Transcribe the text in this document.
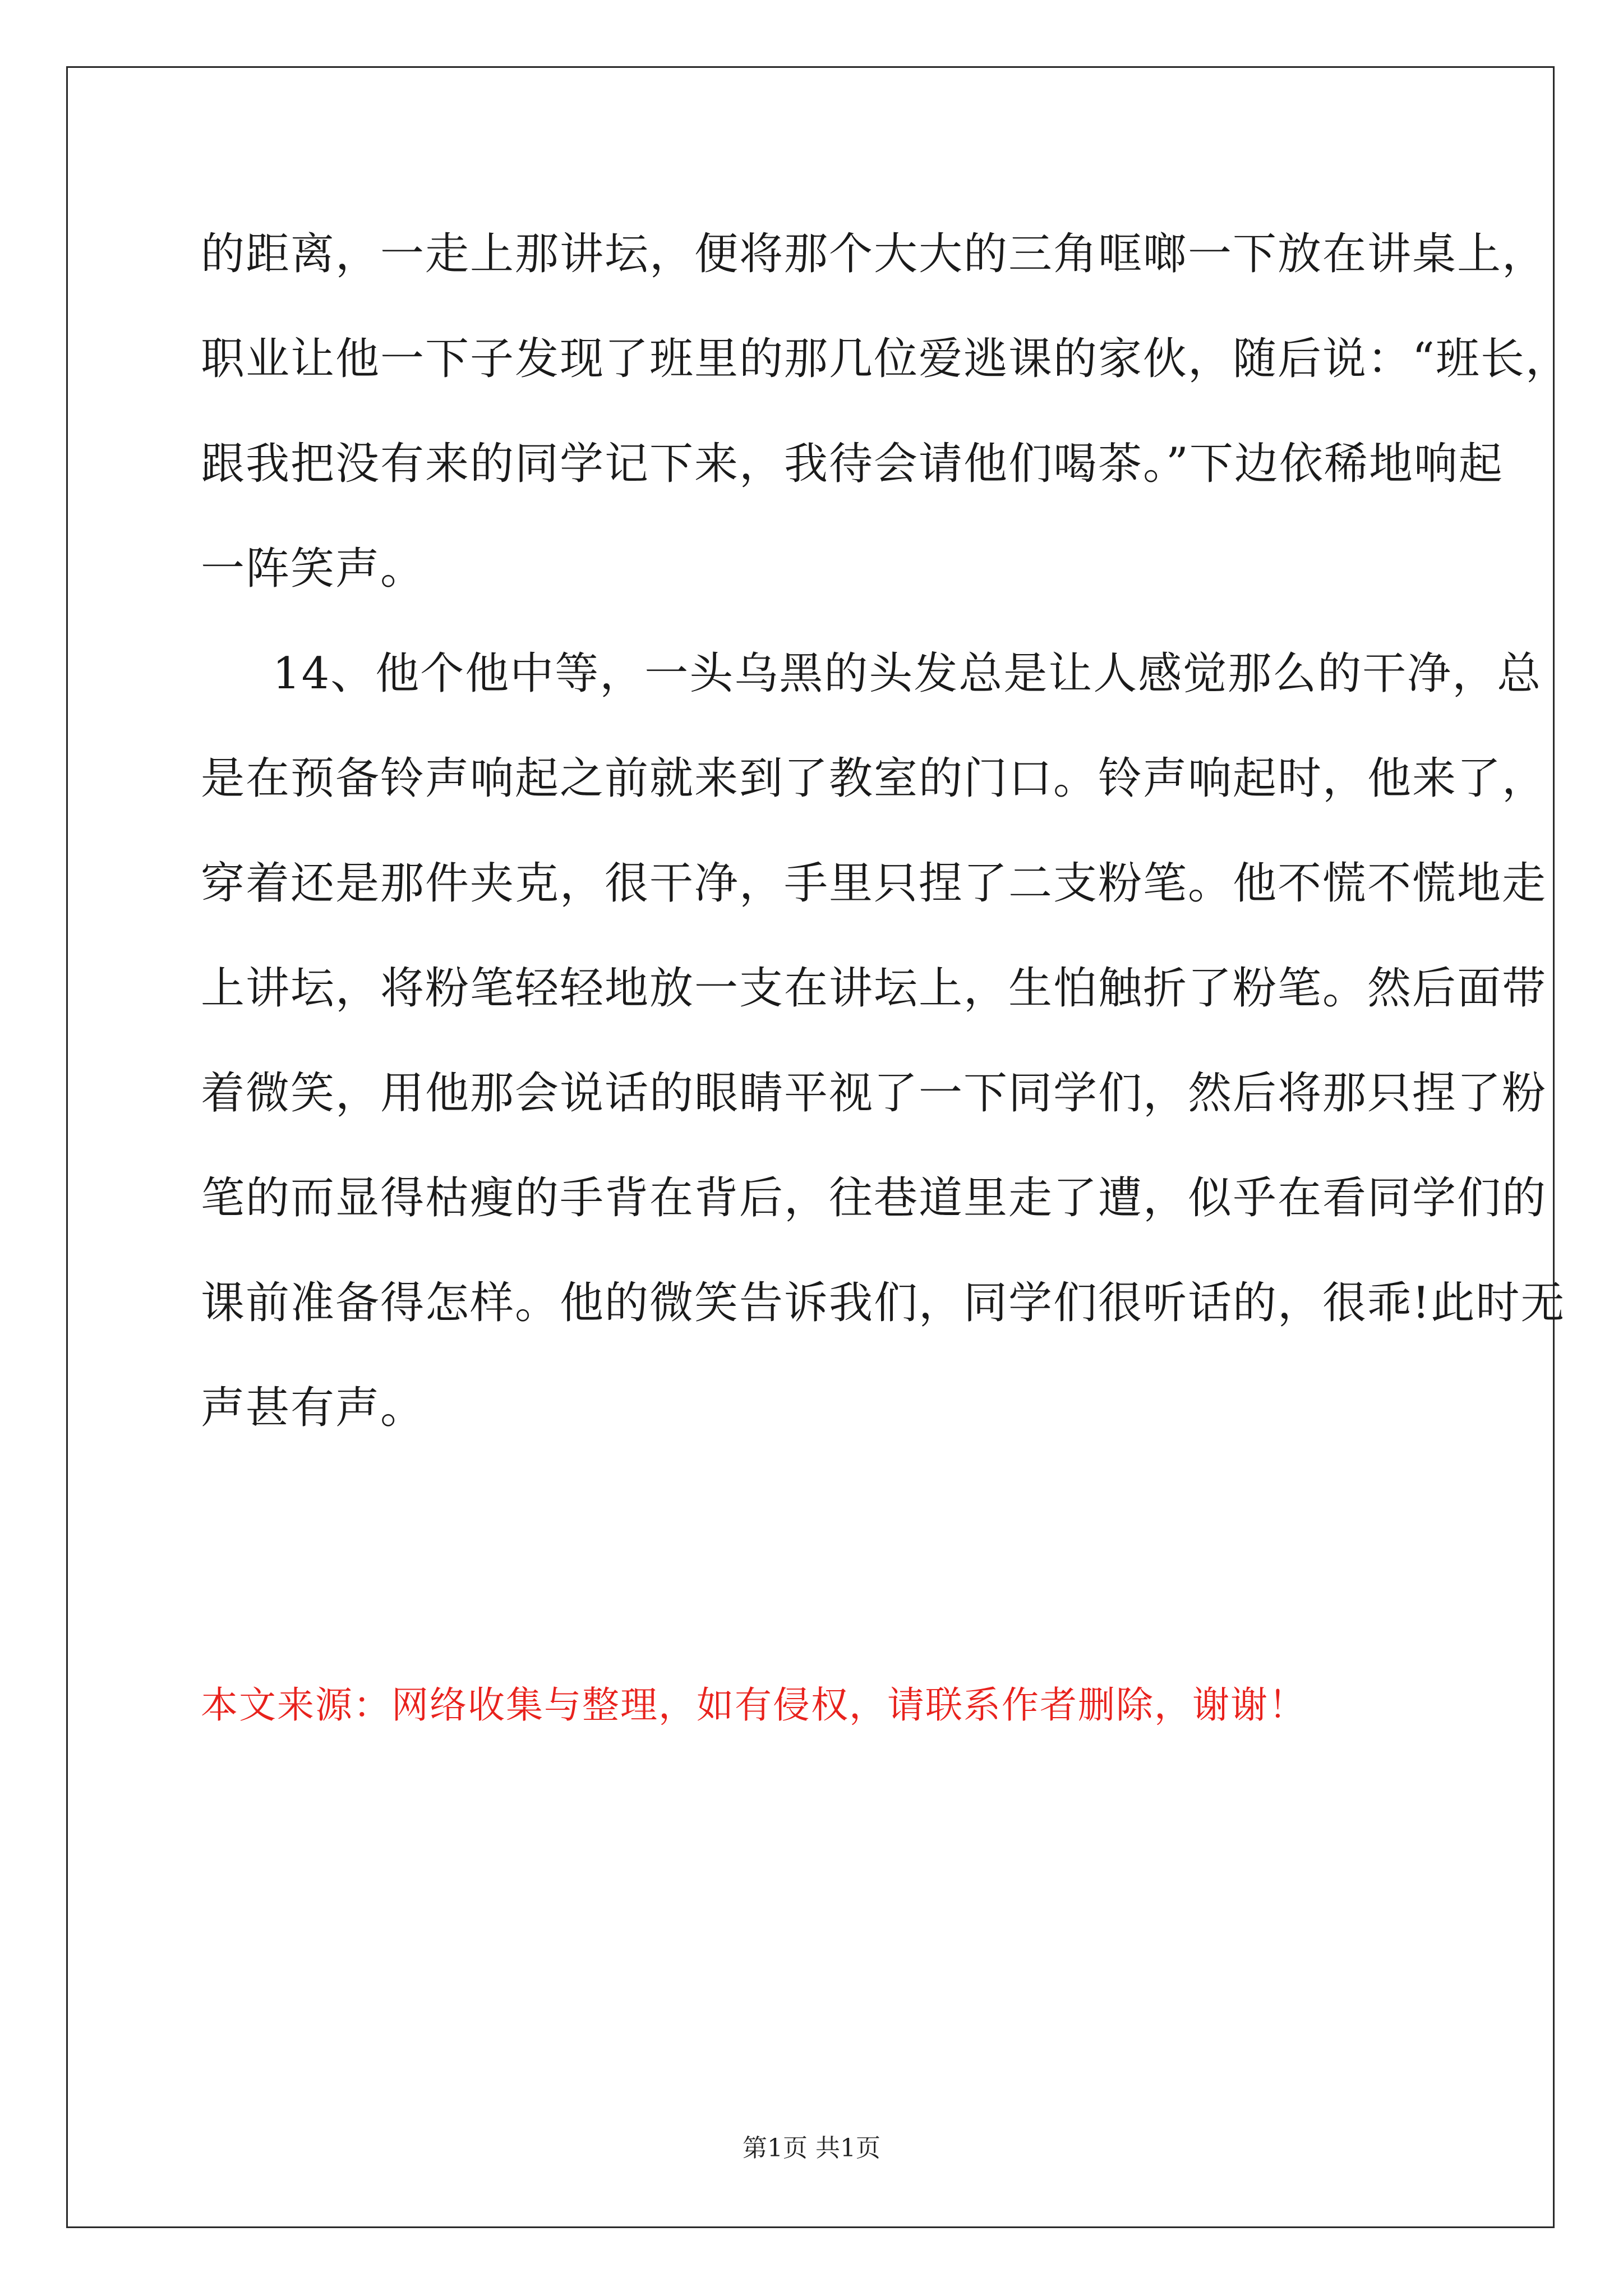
的距离，一走上那讲坛，便将那个大大的三角哐啷一下放在讲桌上，
职业让他一下子发现了班里的那几位爱逃课的家伙，随后说：“班长，
跟我把没有来的同学记下来，我待会请他们喝茶。”下边依稀地响起
一阵笑声。
14、他个他中等，一头乌黑的头发总是让人感觉那么的干净，总
是在预备铃声响起之前就来到了教室的门口。铃声响起时，他来了，
穿着还是那件夹克，很干净，手里只捏了二支粉笔。他不慌不慌地走
上讲坛，将粉笔轻轻地放一支在讲坛上，生怕触折了粉笔。然后面带
着微笑，用他那会说话的眼睛平视了一下同学们，然后将那只捏了粉
笔的而显得枯瘦的手背在背后，往巷道里走了遭，似乎在看同学们的
课前准备得怎样。他的微笑告诉我们，同学们很听话的，很乖!此时无
声甚有声。
本文来源：网络收集与整理，如有侵权，请联系作者删除，谢谢！
第1页 共1页
